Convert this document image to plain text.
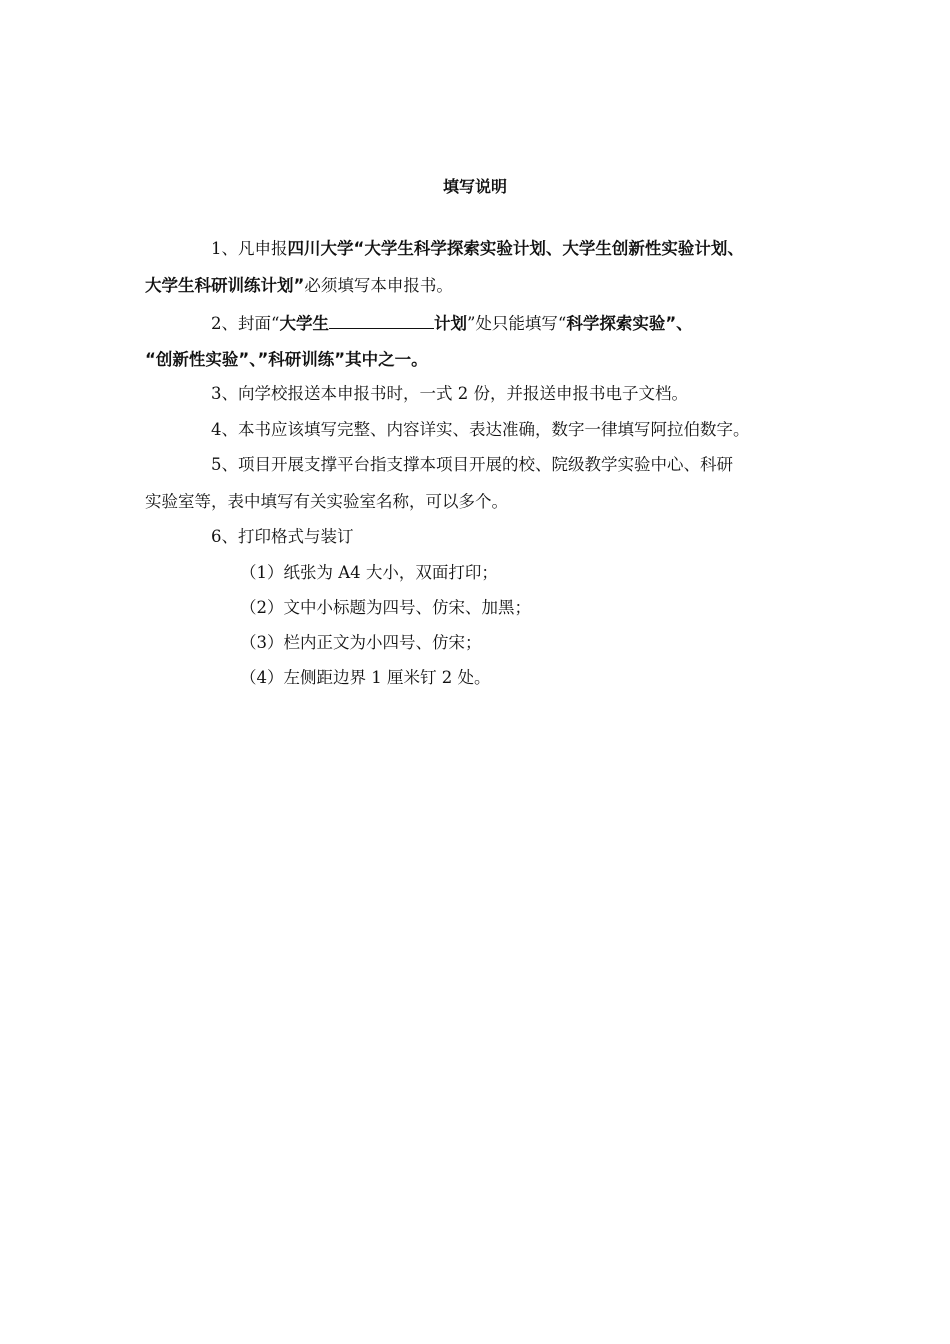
填写说明
1、凡申报四川大学“大学生科学探索实验计划、大学生创新性实验计划、
大学生科研训练计划”必须填写本申报书。
2、封面“大学生	计划”处只能填写“科学探索实验”、
“创新性实验”、”科研训练”其中之一。
3、向学校报送本申报书时，一式 2 份，并报送申报书电子文档。
4、本书应该填写完整、内容详实、表达准确，数字一律填写阿拉伯数字。
5、项目开展支撑平台指支撑本项目开展的校、院级教学实验中心、科研
实验室等，表中填写有关实验室名称，可以多个。
6、打印格式与装订
（1）纸张为 A4 大小，双面打印；
（2）文中小标题为四号、仿宋、加黑；
（3）栏内正文为小四号、仿宋；
（4）左侧距边界 1 厘米钉 2 处。
